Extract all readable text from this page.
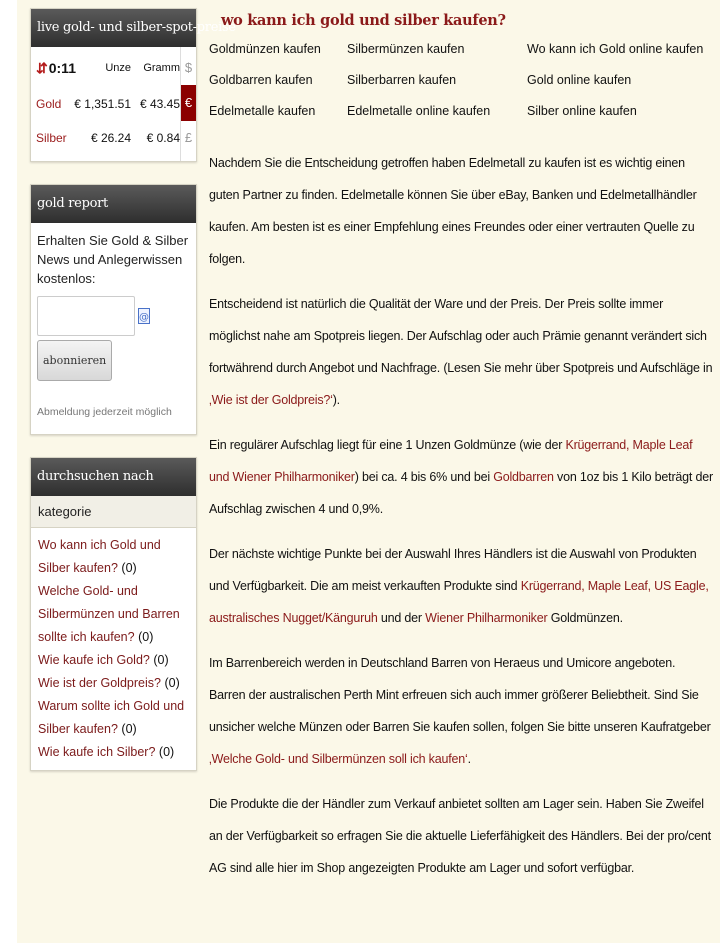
live gold- und silber-spot-preise
⇵ 0:11	Unze	Gramm
Gold	€ 1,351.51 € 43.45
Silber	€ 26.24	€ 0.84
$
€
£
gold report
Erhalten Sie Gold & Silber News und Anlegerwissen kostenlos:
@
abonnieren
Abmeldung jederzeit möglich
durchsuchen nach
kategorie
Wo kann ich Gold und Silber kaufen? (0)
Welche Gold- und Silbermünzen und Barren sollte ich kaufen? (0)
Wie kaufe ich Gold? (0)
Wie ist der Goldpreis? (0)
Warum sollte ich Gold und Silber kaufen? (0)
Wie kaufe ich Silber? (0)
wo kann ich gold und silber kaufen?
Goldmünzen kaufen	Silbermünzen kaufen	Wo kann ich Gold online kaufen
Goldbarren kaufen	Silberbarren kaufen	Gold online kaufen
Edelmetalle kaufen	Edelmetalle online kaufen	Silber online kaufen

Nachdem Sie die Entscheidung getroffen haben Edelmetall zu kaufen ist es wichtig einen guten Partner zu finden. Edelmetalle können Sie über eBay, Banken und Edelmetallhändler kaufen. Am besten ist es einer Empfehlung eines Freundes oder einer vertrauten Quelle zu folgen.

Entscheidend ist natürlich die Qualität der Ware und der Preis. Der Preis sollte immer möglichst nahe am Spotpreis liegen. Der Aufschlag oder auch Prämie genannt verändert sich fortwährend durch Angebot und Nachfrage. (Lesen Sie mehr über Spotpreis und Aufschläge in ‚Wie ist der Goldpreis?‘).

Ein regulärer Aufschlag liegt für eine 1 Unzen Goldmünze (wie der Krügerrand, Maple Leaf und Wiener Philharmoniker) bei ca. 4 bis 6% und bei Goldbarren von 1oz bis 1 Kilo beträgt der Aufschlag zwischen 4 und 0,9%.

Der nächste wichtige Punkte bei der Auswahl Ihres Händlers ist die Auswahl von Produkten und Verfügbarkeit. Die am meist verkauften Produkte sind Krügerrand, Maple Leaf, US Eagle, australisches Nugget/Känguruh und der Wiener Philharmoniker Goldmünzen.

Im Barrenbereich werden in Deutschland Barren von Heraeus und Umicore angeboten. Barren der australischen Perth Mint erfreuen sich auch immer größerer Beliebtheit. Sind Sie unsicher welche Münzen oder Barren Sie kaufen sollen, folgen Sie bitte unseren Kaufratgeber ‚Welche Gold- und Silbermünzen soll ich kaufen‘.

Die Produkte die der Händler zum Verkauf anbietet sollten am Lager sein. Haben Sie Zweifel an der Verfügbarkeit so erfragen Sie die aktuelle Lieferfähigkeit des Händlers. Bei der pro/cent AG sind alle hier im Shop angezeigten Produkte am Lager und sofort verfügbar.
